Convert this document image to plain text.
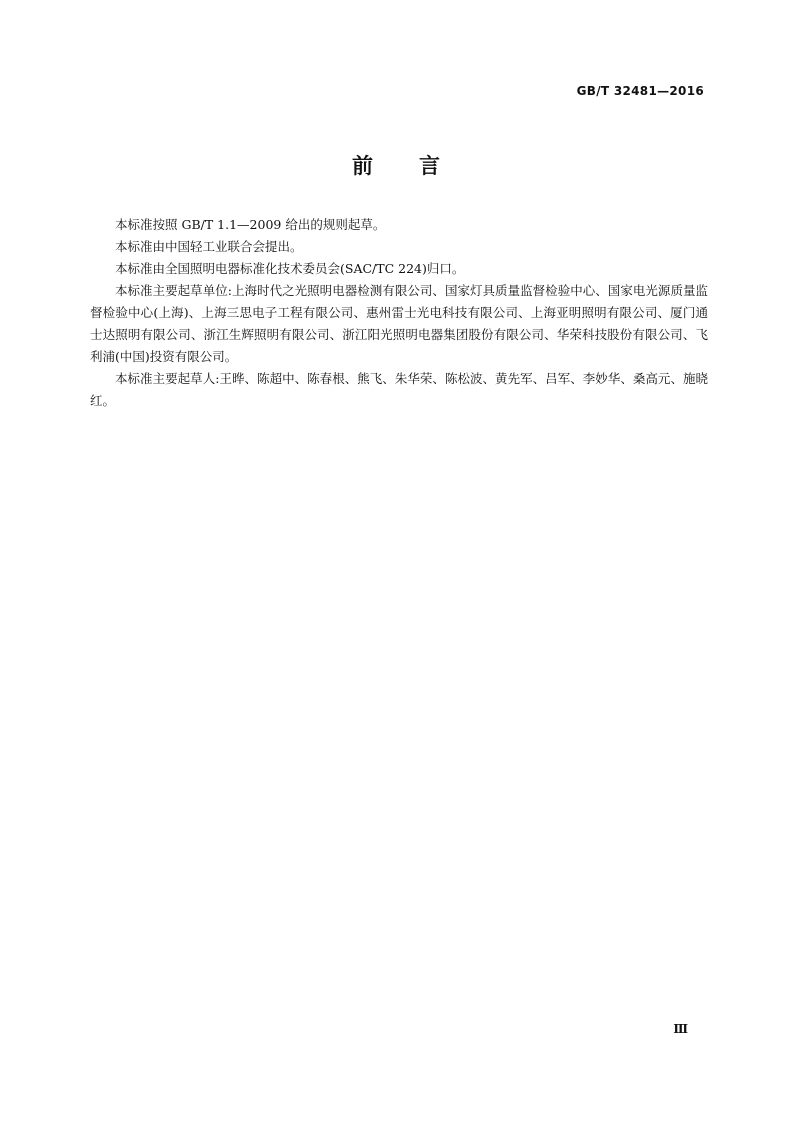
GB/T 32481—2016
前 言

本标准按照 GB/T 1.1—2009 给出的规则起草。

本标准由中国轻工业联合会提出。

本标准由全国照明电器标准化技术委员会(SAC/TC 224)归口。

本标准主要起草单位:上海时代之光照明电器检测有限公司、国家灯具质量监督检验中心、国家电光源质量监督检验中心(上海)、上海三思电子工程有限公司、惠州雷士光电科技有限公司、上海亚明照明有限公司、厦门通士达照明有限公司、浙江生辉照明有限公司、浙江阳光照明电器集团股份有限公司、华荣科技股份有限公司、飞利浦(中国)投资有限公司。

本标准主要起草人:王晔、陈超中、陈春根、熊飞、朱华荣、陈松波、黄先军、吕军、李妙华、桑高元、施晓红。

Ⅲ
